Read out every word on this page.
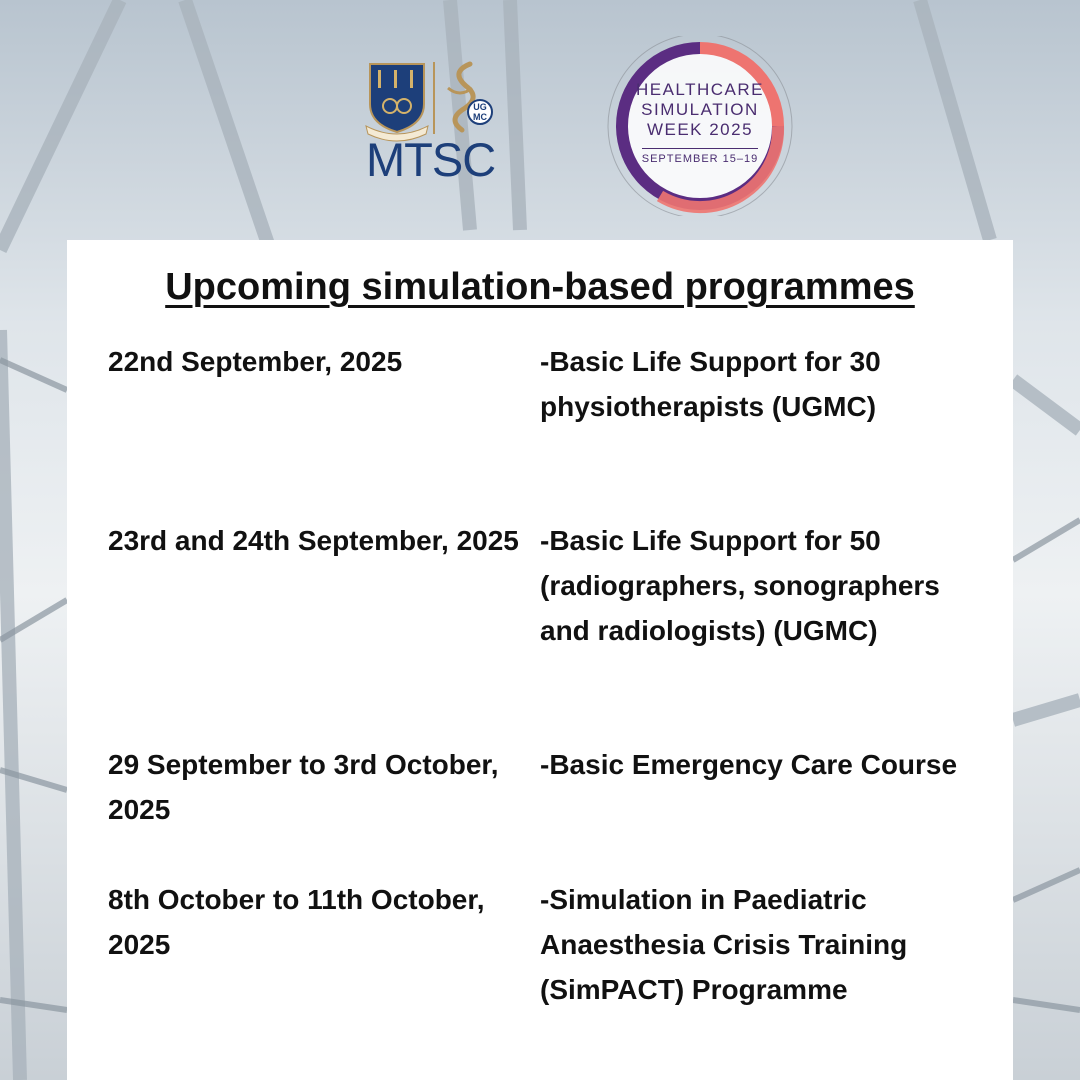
UG
MC
MTSC
HEALTHCARE
SIMULATION
WEEK 2025
SEPTEMBER 15–19
Upcoming simulation-based programmes
22nd September, 2025	-Basic Life Support for 30 physiotherapists (UGMC)
23rd and 24th September, 2025 -Basic Life Support for 50 (radiographers, sonographers and radiologists) (UGMC)
29 September to 3rd October, 2025
-Basic Emergency Care Course
8th October to 11th October, 2025
-Simulation in Paediatric Anaesthesia Crisis Training (SimPACT) Programme
